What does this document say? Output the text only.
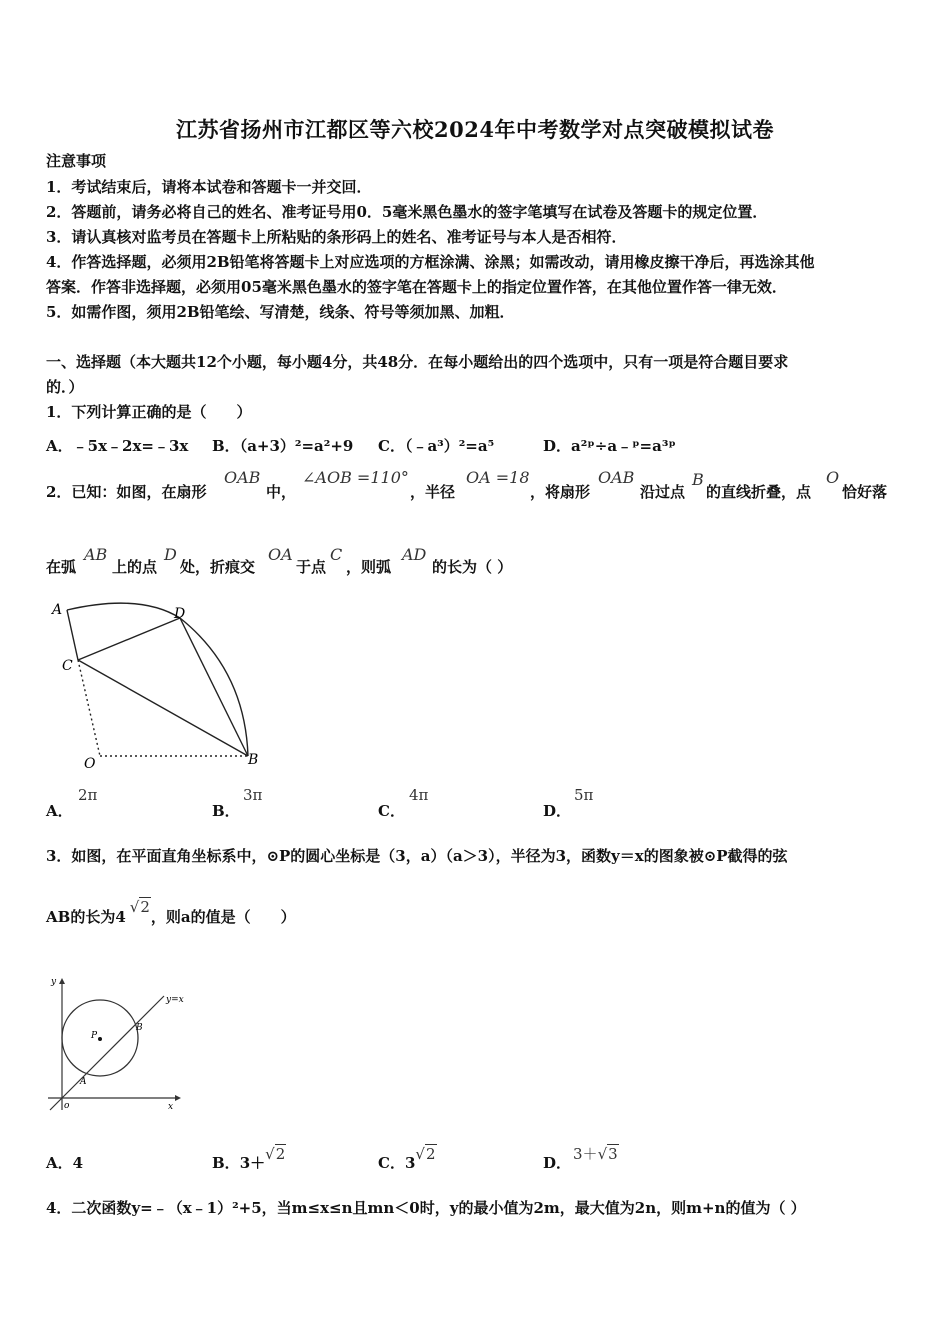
江苏省扬州市江都区等六校2024年中考数学对点突破模拟试卷
注意事项
1．考试结束后，请将本试卷和答题卡一并交回．
2．答题前，请务必将自己的姓名、准考证号用0．5毫米黑色墨水的签字笔填写在试卷及答题卡的规定位置．
3．请认真核对监考员在答题卡上所粘贴的条形码上的姓名、准考证号与本人是否相符．
4．作答选择题，必须用2B铅笔将答题卡上对应选项的方框涂满、涂黑；如需改动，请用橡皮擦干净后，再选涂其他
答案．作答非选择题，必须用05毫米黑色墨水的签字笔在答题卡上的指定位置作答，在其他位置作答一律无效．
5．如需作图，须用2B铅笔绘、写清楚，线条、符号等须加黑、加粗．
一、选择题（本大题共12个小题，每小题4分，共48分．在每小题给出的四个选项中，只有一项是符合题目要求
的．）
1．下列计算正确的是（　　）
A．﹣5x﹣2x=﹣3x B．（a+3）²=a²+9 C．（﹣a³）²=a⁵	D．a²ᵖ÷a﹣ᵖ=a³ᵖ
2．已知：如图，在扇形
OAB
中，
∠AOB =110°
，半径
OA =18
，将扇形
OAB
沿过点
B
的直线折叠，点
O
恰好落
在弧
AB
上的点
D
处，折痕交
OA
于点
C
，则弧
AD
的长为（ ）
A	D
C
O	B
A．
2π
B．
3π
C．
4π
D．
5π
3．如图，在平面直角坐标系中，⊙P的圆心坐标是（3，a）（a＞3），半径为3，函数y＝x的图象被⊙P截得的弦
AB的长为4√2，则a的值是（　　）
y
x
o
y=x
P
A
B
A．4	B．3＋√2	C．3√2	D． 3＋√3
4．二次函数y=﹣（x﹣1）²+5，当m≤x≤n且mn＜0时，y的最小值为2m，最大值为2n，则m+n的值为（ ）
